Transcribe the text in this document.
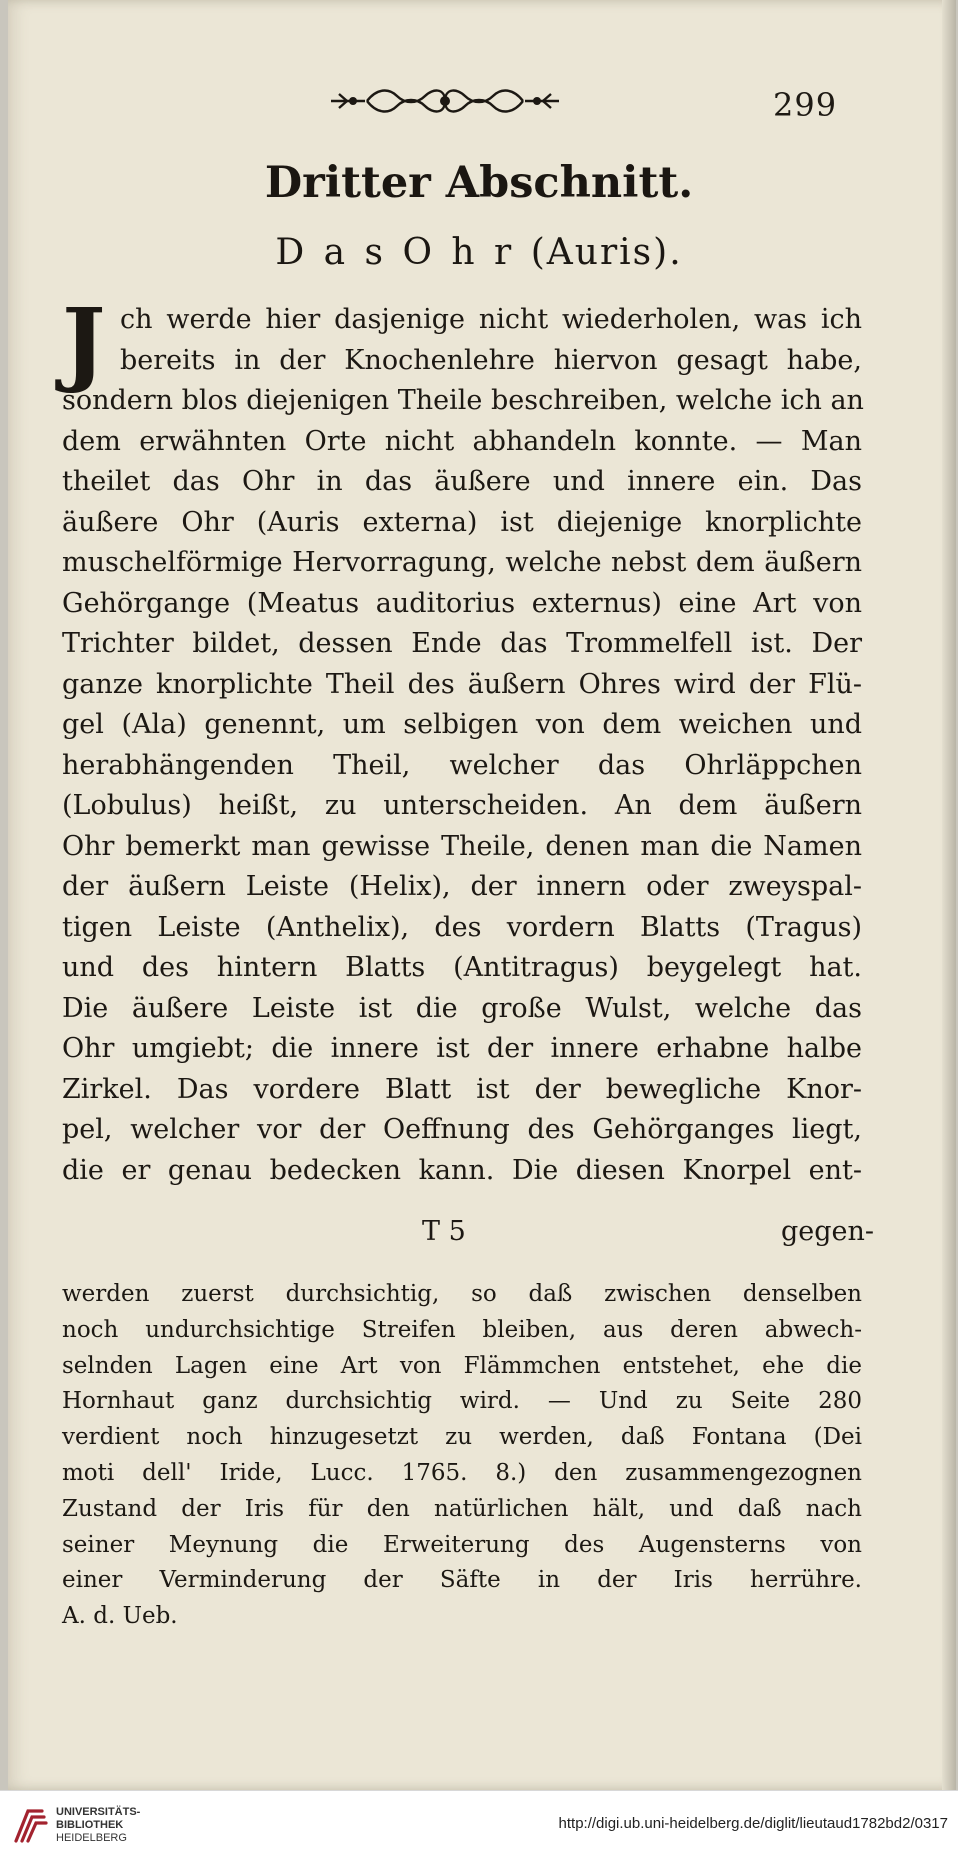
299
Dritter Abschnitt.
D a s O h r (Auris).
J ch werde hier dasjenige nicht wiederholen, was ich
bereits in der Knochenlehre hiervon gesagt habe,
sondern blos diejenigen Theile beschreiben, welche ich an
dem erwähnten Orte nicht abhandeln konnte. — Man
theilet das Ohr in das äußere und innere ein. Das
äußere Ohr (Auris externa) ist diejenige knorplichte
muschelförmige Hervorragung, welche nebst dem äußern
Gehörgange (Meatus auditorius externus) eine Art von
Trichter bildet, dessen Ende das Trommelfell ist. Der
ganze knorplichte Theil des äußern Ohres wird der Flü-
gel (Ala) genennt, um selbigen von dem weichen und
herabhängenden Theil, welcher das Ohrläppchen
(Lobulus) heißt, zu unterscheiden. An dem äußern
Ohr bemerkt man gewisse Theile, denen man die Namen
der äußern Leiste (Helix), der innern oder zweyspal-
tigen Leiste (Anthelix), des vordern Blatts (Tragus)
und des hintern Blatts (Antitragus) beygelegt hat.
Die äußere Leiste ist die große Wulst, welche das
Ohr umgiebt; die innere ist der innere erhabne halbe
Zirkel. Das vordere Blatt ist der bewegliche Knor-
pel, welcher vor der Oeffnung des Gehörganges liegt,
die er genau bedecken kann. Die diesen Knorpel ent-
T 5	gegen-
werden zuerst durchsichtig, so daß zwischen denselben
noch undurchsichtige Streifen bleiben, aus deren abwech-
selnden Lagen eine Art von Flämmchen entstehet, ehe die
Hornhaut ganz durchsichtig wird. — Und zu Seite 280
verdient noch hinzugesetzt zu werden, daß Fontana (Dei
moti dell' Iride, Lucc. 1765. 8.) den zusammengezognen
Zustand der Iris für den natürlichen hält, und daß nach
seiner Meynung die Erweiterung des Augensterns von
einer Verminderung der Säfte in der Iris herrühre.
A. d. Ueb.
UNIVERSITÄTS-
BIBLIOTHEK
HEIDELBERG
http://digi.ub.uni-heidelberg.de/diglit/lieutaud1782bd2/0317
